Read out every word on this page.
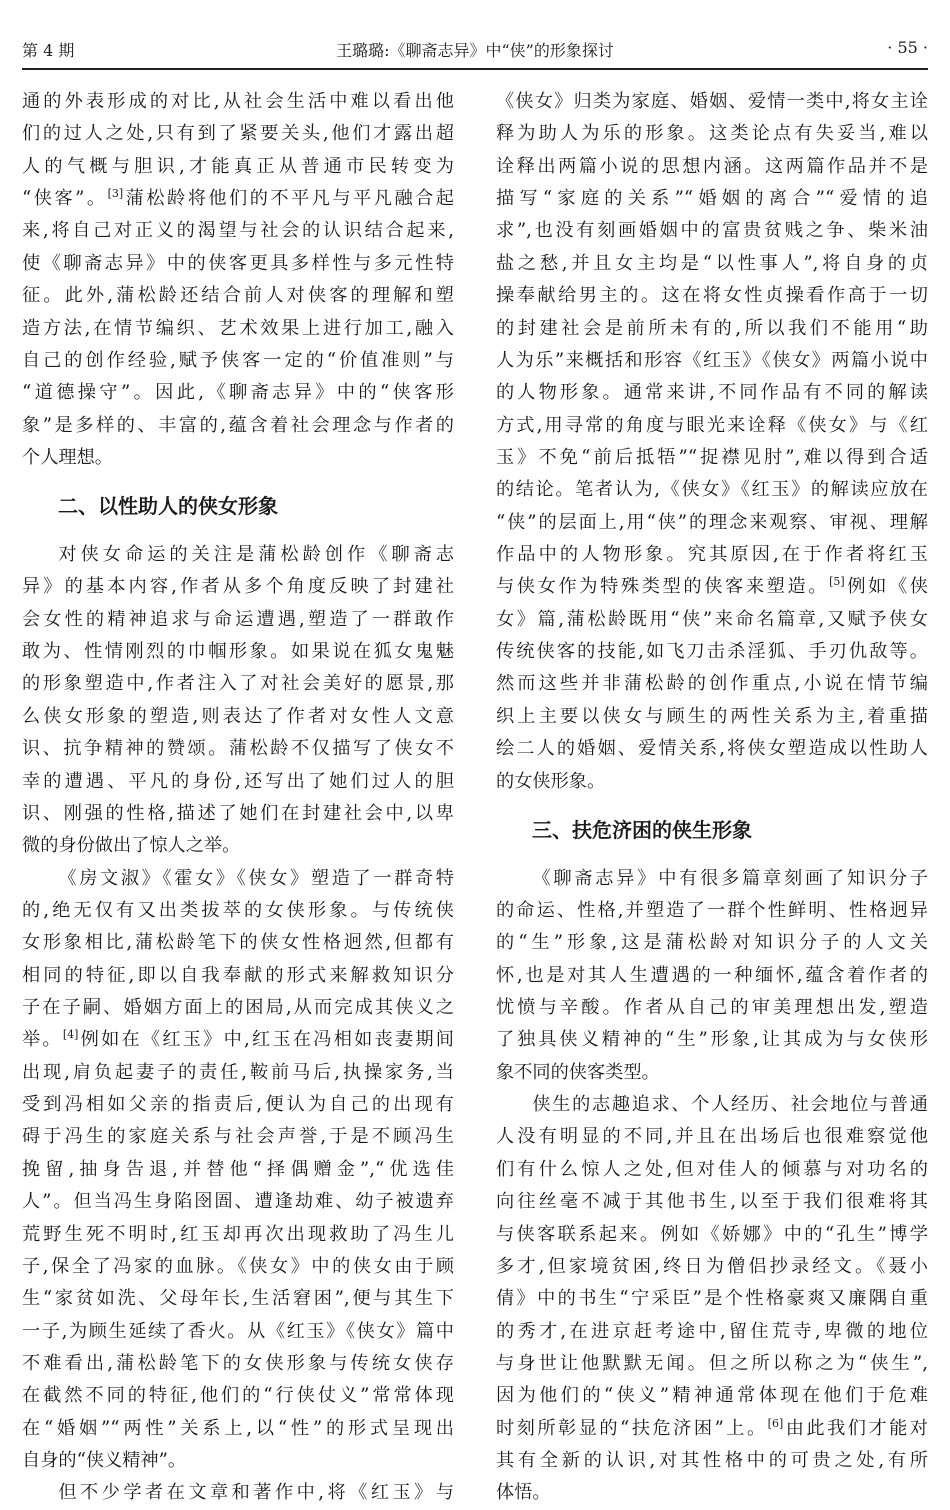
第 4 期	王璐璐:《聊斋志异》中“侠”的形象探讨	· 55 ·
通的外表形成的对比,从社会生活中难以看出他
们的过人之处,只有到了紧要关头,他们才露出超
人的气概与胆识,才能真正从普通市民转变为
“侠客”。[3]蒲松龄将他们的不平凡与平凡融合起
来,将自己对正义的渴望与社会的认识结合起来,
使《聊斋志异》中的侠客更具多样性与多元性特
征。此外,蒲松龄还结合前人对侠客的理解和塑
造方法,在情节编织、艺术效果上进行加工,融入
自己的创作经验,赋予侠客一定的“价值准则”与
“道德操守”。因此,《聊斋志异》中的“侠客形
象”是多样的、丰富的,蕴含着社会理念与作者的
个人理想。
二、以性助人的侠女形象
对侠女命运的关注是蒲松龄创作《聊斋志
异》的基本内容,作者从多个角度反映了封建社
会女性的精神追求与命运遭遇,塑造了一群敢作
敢为、性情刚烈的巾帼形象。如果说在狐女鬼魅
的形象塑造中,作者注入了对社会美好的愿景,那
么侠女形象的塑造,则表达了作者对女性人文意
识、抗争精神的赞颂。蒲松龄不仅描写了侠女不
幸的遭遇、平凡的身份,还写出了她们过人的胆
识、刚强的性格,描述了她们在封建社会中,以卑
微的身份做出了惊人之举。
《房文淑》《霍女》《侠女》塑造了一群奇特
的,绝无仅有又出类拔萃的女侠形象。与传统侠
女形象相比,蒲松龄笔下的侠女性格迥然,但都有
相同的特征,即以自我奉献的形式来解救知识分
子在子嗣、婚姻方面上的困局,从而完成其侠义之
举。[4]例如在《红玉》中,红玉在冯相如丧妻期间
出现,肩负起妻子的责任,鞍前马后,执操家务,当
受到冯相如父亲的指责后,便认为自己的出现有
碍于冯生的家庭关系与社会声誉,于是不顾冯生
挽留,抽身告退,并替他“择偶赠金”,“优选佳
人”。但当冯生身陷囹圄、遭逢劫难、幼子被遗弃
荒野生死不明时,红玉却再次出现救助了冯生儿
子,保全了冯家的血脉。《侠女》中的侠女由于顾
生“家贫如洗、父母年长,生活窘困”,便与其生下
一子,为顾生延续了香火。从《红玉》《侠女》篇中
不难看出,蒲松龄笔下的女侠形象与传统女侠存
在截然不同的特征,他们的“行侠仗义”常常体现
在“婚姻”“两性”关系上,以“性”的形式呈现出
自身的“侠义精神”。
但不少学者在文章和著作中,将《红玉》与
《侠女》归类为家庭、婚姻、爱情一类中,将女主诠
释为助人为乐的形象。这类论点有失妥当,难以
诠释出两篇小说的思想内涵。这两篇作品并不是
描写“家庭的关系”“婚姻的离合”“爱情的追
求”,也没有刻画婚姻中的富贵贫贱之争、柴米油
盐之愁,并且女主均是“以性事人”,将自身的贞
操奉献给男主的。这在将女性贞操看作高于一切
的封建社会是前所未有的,所以我们不能用“助
人为乐”来概括和形容《红玉》《侠女》两篇小说中
的人物形象。通常来讲,不同作品有不同的解读
方式,用寻常的角度与眼光来诠释《侠女》与《红
玉》不免“前后抵牾”“捉襟见肘”,难以得到合适
的结论。笔者认为,《侠女》《红玉》的解读应放在
“侠”的层面上,用“侠”的理念来观察、审视、理解
作品中的人物形象。究其原因,在于作者将红玉
与侠女作为特殊类型的侠客来塑造。[5]例如《侠
女》篇,蒲松龄既用“侠”来命名篇章,又赋予侠女
传统侠客的技能,如飞刀击杀淫狐、手刃仇敌等。
然而这些并非蒲松龄的创作重点,小说在情节编
织上主要以侠女与顾生的两性关系为主,着重描
绘二人的婚姻、爱情关系,将侠女塑造成以性助人
的女侠形象。
三、扶危济困的侠生形象
《聊斋志异》中有很多篇章刻画了知识分子
的命运、性格,并塑造了一群个性鲜明、性格迥异
的“生”形象,这是蒲松龄对知识分子的人文关
怀,也是对其人生遭遇的一种缅怀,蕴含着作者的
忧愤与辛酸。作者从自己的审美理想出发,塑造
了独具侠义精神的“生”形象,让其成为与女侠形
象不同的侠客类型。
侠生的志趣追求、个人经历、社会地位与普通
人没有明显的不同,并且在出场后也很难察觉他
们有什么惊人之处,但对佳人的倾慕与对功名的
向往丝毫不减于其他书生,以至于我们很难将其
与侠客联系起来。例如《娇娜》中的“孔生”博学
多才,但家境贫困,终日为僧侣抄录经文。《聂小
倩》中的书生“宁采臣”是个性格豪爽又廉隅自重
的秀才,在进京赶考途中,留住荒寺,卑微的地位
与身世让他默默无闻。但之所以称之为“侠生”,
因为他们的“侠义”精神通常体现在他们于危难
时刻所彰显的“扶危济困”上。[6]由此我们才能对
其有全新的认识,对其性格中的可贵之处,有所
体悟。
